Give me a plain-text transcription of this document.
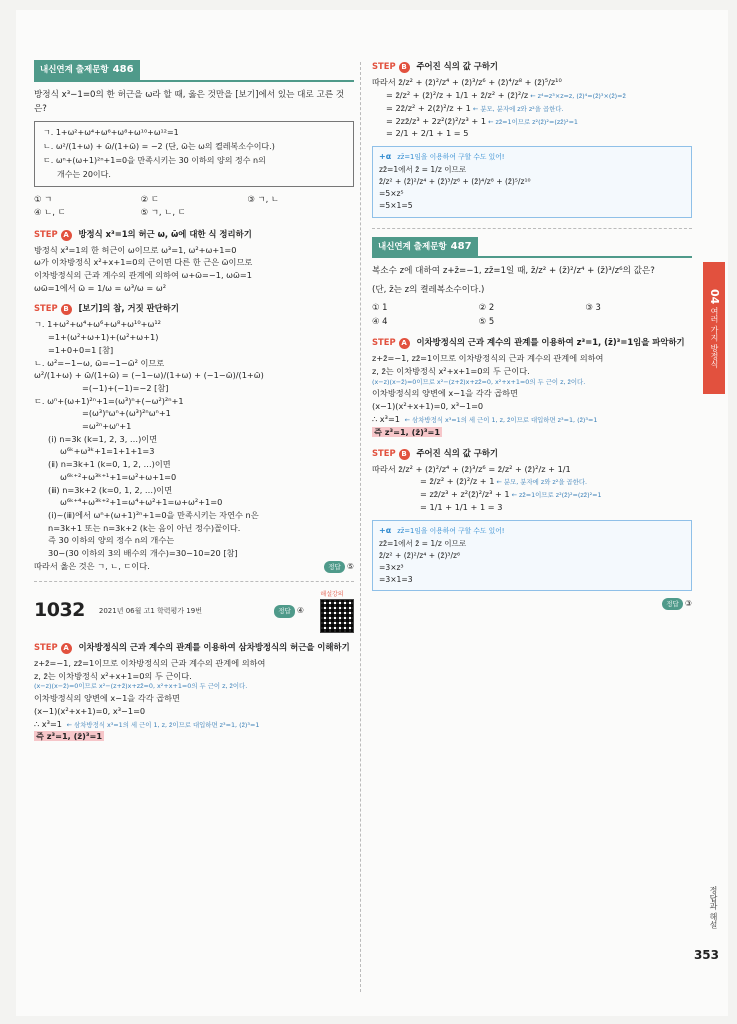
내신연계 출제문항 486
방정식 x³−1=0의 한 허근을 ω라 할 때, 옳은 것만을 [보기]에서 있는 대로 고른 것은?
ㄱ. 1+ω²+ω⁴+ω⁶+ω⁸+ω¹⁰+ω¹²=1
ㄴ. ω²/(1+ω) + ω̄/(1+ω̄) = −2 (단, ω̄는 ω의 켤레복소수이다.)
ㄷ. ωⁿ+(ω+1)²ⁿ+1=0을 만족시키는 30 이하의 양의 정수 n의
개수는 20이다.
① ㄱ	② ㄷ	③ ㄱ, ㄴ
④ ㄴ, ㄷ	⑤ ㄱ, ㄴ, ㄷ
STEP A 방정식 x³=1의 허근 ω, ω̄에 대한 식 정리하기
방정식 x³=1의 한 허근이 ω이므로 ω³=1, ω²+ω+1=0
ω가 이차방정식 x²+x+1=0의 근이면 다른 한 근은 ω̄이므로
이차방정식의 근과 계수의 관계에 의하여 ω+ω̄=−1, ωω̄=1
ωω̄=1에서 ω̄ = 1/ω = ω³/ω = ω²
STEP B [보기]의 참, 거짓 판단하기
ㄱ. 1+ω²+ω⁴+ω⁶+ω⁸+ω¹⁰+ω¹²
=1+(ω²+ω+1)+(ω²+ω+1)
=1+0+0=1 [참]
ㄴ. ω²=−1−ω, ω̄=−1−ω̄² 이므로
ω²/(1+ω) + ω̄/(1+ω̄) = (−1−ω)/(1+ω) + (−1−ω̄)/(1+ω̄)
=(−1)+(−1)=−2 [참]
ㄷ. ωⁿ+(ω+1)²ⁿ+1=(ω³)ⁿ+(−ω²)²ⁿ+1
=(ω³)ⁿωⁿ+(ω³)²ⁿωⁿ+1
=ω²ⁿ+ωⁿ+1
(ⅰ) n=3k (k=1, 2, 3, …)이면
ω⁶ᵏ+ω³ᵏ+1=1+1+1=3
(ⅱ) n=3k+1 (k=0, 1, 2, …)이면
ω⁶ᵏ⁺²+ω³ᵏ⁺¹+1=ω²+ω+1=0
(ⅲ) n=3k+2 (k=0, 1, 2, …)이면
ω⁶ᵏ⁺⁴+ω³ᵏ⁺²+1=ω⁴+ω²+1=ω+ω²+1=0
(ⅰ)~(ⅲ)에서 ωⁿ+(ω+1)²ⁿ+1=0을 만족시키는 자연수 n은
n=3k+1 또는 n=3k+2 (k는 음이 아닌 정수)꼴이다.
즉 30 이하의 양의 정수 n의 개수는
30−(30 이하의 3의 배수의 개수)=30−10=20 [참]
따라서 옳은 것은 ㄱ, ㄴ, ㄷ이다.	정답 ⑤
1032 2021년 06월 고1 학력평가 19번	정답 ④
해설강의
STEP A 이차방정식의 근과 계수의 관계를 이용하여 삼차방정식의 허근을 이해하기
z+z̄=−1, zz̄=1이므로 이차방정식의 근과 계수의 관계에 의하여
z, z̄는 이차방정식 x²+x+1=0의 두 근이다.
(x−z)(x−z̄)=0이므로 x²−(z+z̄)x+zz̄=0, x²+x+1=0의 두 근이 z, z̄이다.
이차방정식의 양변에 x−1을 각각 곱하면
(x−1)(x²+x+1)=0, x³−1=0
∴ x³=1  ← 삼차방정식 x³=1의 세 근이 1, z, z̄이므로 대입하면 z³=1, (z̄)³=1
즉 z³=1, (z̄)³=1
STEP B 주어진 식의 값 구하기
따라서 z̄/z² + (z̄)²/z⁴ + (z̄)³/z⁶ + (z̄)⁴/z⁸ + (z̄)⁵/z¹⁰
= z̄/z² + (z̄)²/z + 1/1 + z̄/z² + (z̄)²/z ← z⁴=z³×z=z, (z̄)⁴=(z̄)³×(z̄)=z̄
= 2z̄/z² + 2(z̄)²/z + 1 ← 분모, 분자에 z와 z²을 곱한다.
= 2zz̄/z³ + 2z²(z̄)²/z³ + 1 ← zz̄=1이므로 z²(z̄)²=(zz̄)²=1
= 2/1 + 2/1 + 1 = 5
+α zz̄=1임을 이용하여 구할 수도 있어!
zz̄=1에서 z̄ = 1/z 이므로
z̄/z² + (z̄)²/z⁴ + (z̄)³/z⁶ + (z̄)⁴/z⁸ + (z̄)⁵/z¹⁰
=5×z⁵
=5×1=5
내신연계 출제문항 487
복소수 z에 대하여 z+z̄=−1, zz̄=1일 때, z̄/z² + (z̄)²/z⁴ + (z̄)³/z⁶의 값은?
(단, z̄는 z의 켤레복소수이다.)
① 1	② 2	③ 3
④ 4	⑤ 5
STEP A 이차방정식의 근과 계수의 관계를 이용하여 z³=1, (z̄)³=1임을 파악하기
z+z̄=−1, zz̄=1이므로 이차방정식의 근과 계수의 관계에 의하여
z, z̄는 이차방정식 x²+x+1=0의 두 근이다.
(x−z)(x−z̄)=0이므로 x²−(z+z̄)x+zz̄=0, x²+x+1=0의 두 근이 z, z̄이다.
이차방정식의 양변에 x−1을 각각 곱하면
(x−1)(x²+x+1)=0, x³−1=0
∴ x³=1  ← 삼차방정식 x³=1의 세 근이 1, z, z̄이므로 대입하면 z³=1, (z̄)³=1
즉 z³=1, (z̄)³=1
STEP B 주어진 식의 값 구하기
따라서 z̄/z² + (z̄)²/z⁴ + (z̄)³/z⁶ = z̄/z² + (z̄)²/z + 1/1
= z̄/z² + (z̄)²/z + 1 ← 분모, 분자에 z와 z²을 곱한다.
= zz̄/z³ + z²(z̄)²/z³ + 1 ← zz̄=1이므로 z²(z̄)²=(zz̄)²=1
= 1/1 + 1/1 + 1 = 3
+α zz̄=1임을 이용하여 구할 수도 있어!
zz̄=1에서 z̄ = 1/z 이므로
z̄/z² + (z̄)²/z⁴ + (z̄)³/z⁶
=3×z³
=3×1=3
정답 ③
04 여러 가지 방정식
정답과 해설
353
